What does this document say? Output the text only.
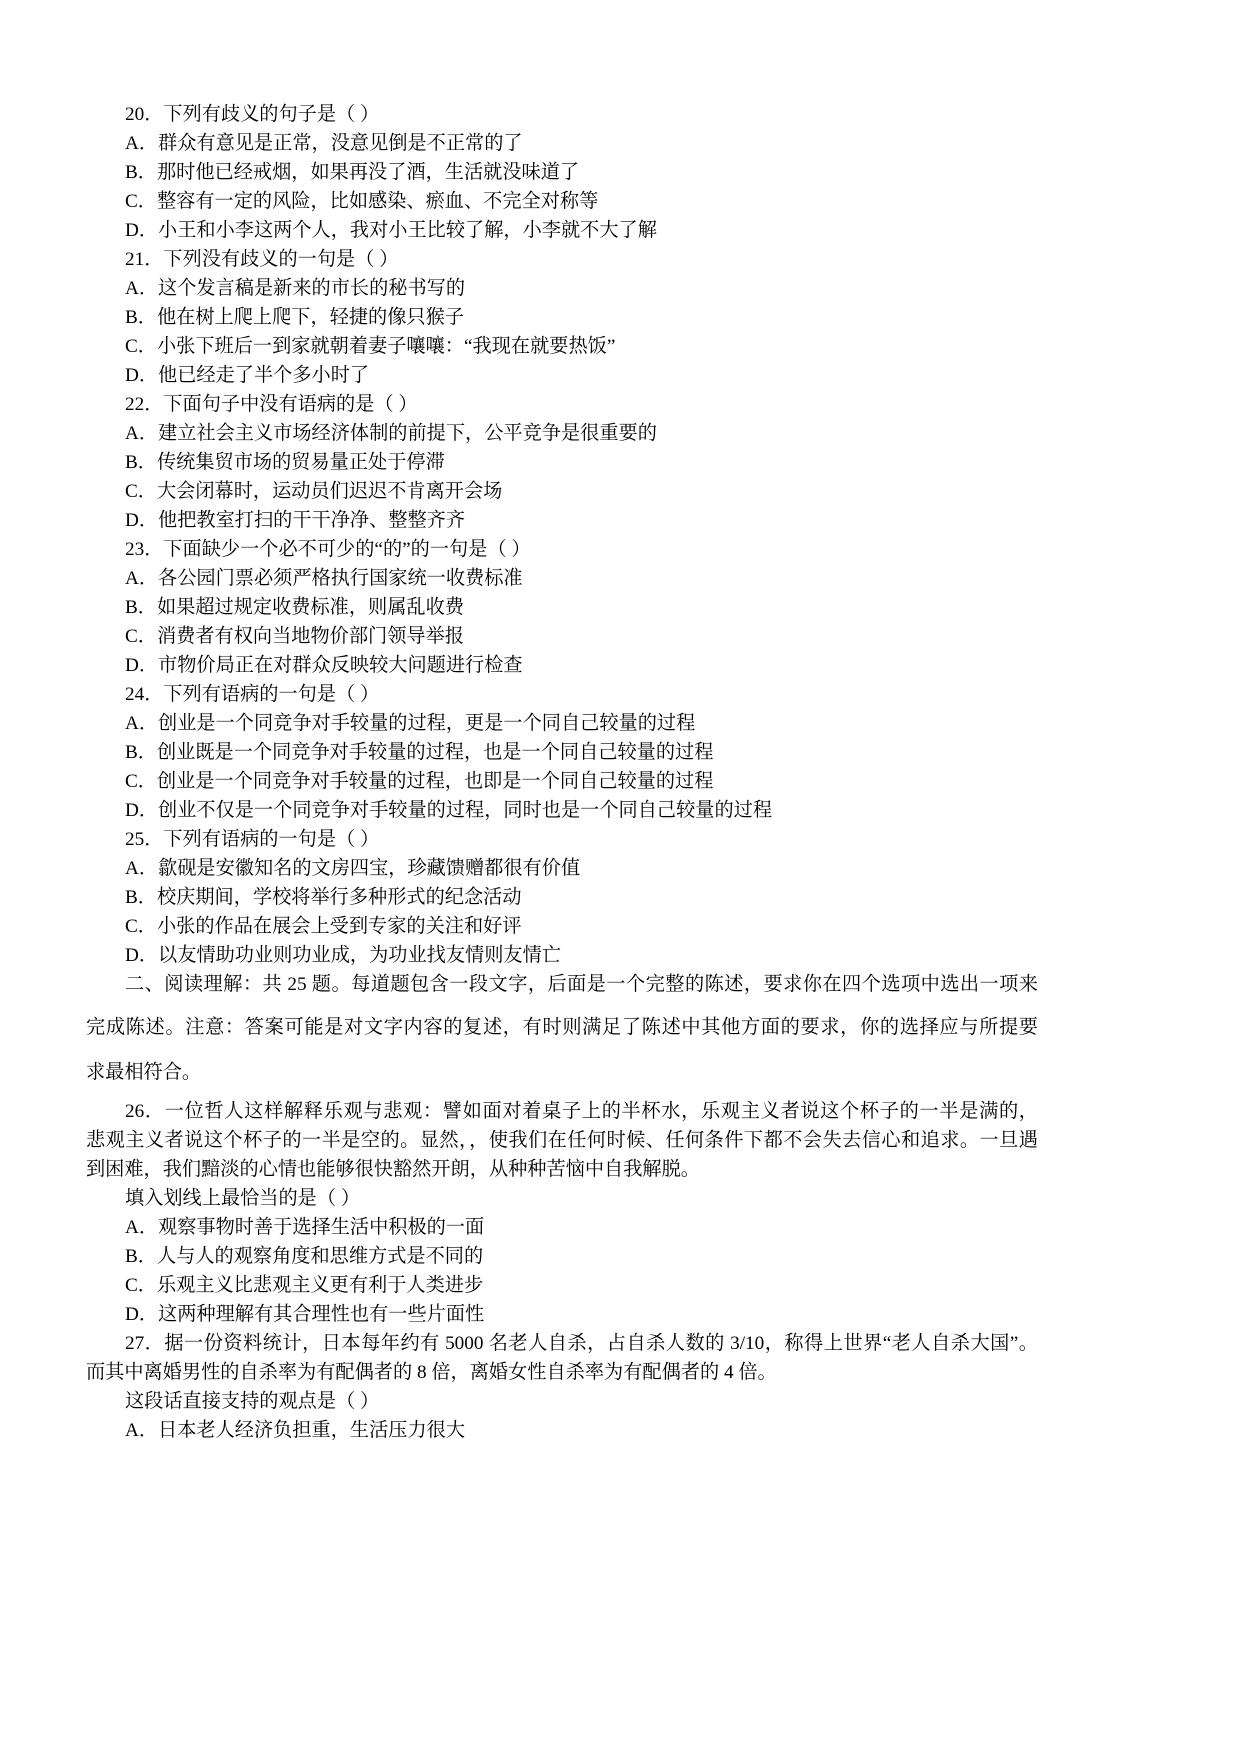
20．下列有歧义的句子是（ ）
A．群众有意见是正常，没意见倒是不正常的了
B．那时他已经戒烟，如果再没了酒，生活就没味道了
C．整容有一定的风险，比如感染、瘀血、不完全对称等
D．小王和小李这两个人，我对小王比较了解，小李就不大了解
21．下列没有歧义的一句是（ ）
A．这个发言稿是新来的市长的秘书写的
B．他在树上爬上爬下，轻捷的像只猴子
C．小张下班后一到家就朝着妻子嚷嚷：“我现在就要热饭”
D．他已经走了半个多小时了
22．下面句子中没有语病的是（ ）
A．建立社会主义市场经济体制的前提下，公平竞争是很重要的
B．传统集贸市场的贸易量正处于停滞
C．大会闭幕时，运动员们迟迟不肯离开会场
D．他把教室打扫的干干净净、整整齐齐
23．下面缺少一个必不可少的“的”的一句是（ ）
A．各公园门票必须严格执行国家统一收费标准
B．如果超过规定收费标准，则属乱收费
C．消费者有权向当地物价部门领导举报
D．市物价局正在对群众反映较大问题进行检查
24．下列有语病的一句是（ ）
A．创业是一个同竞争对手较量的过程，更是一个同自己较量的过程
B．创业既是一个同竞争对手较量的过程，也是一个同自己较量的过程
C．创业是一个同竞争对手较量的过程，也即是一个同自己较量的过程
D．创业不仅是一个同竞争对手较量的过程，同时也是一个同自己较量的过程
25．下列有语病的一句是（ ）
A．歙砚是安徽知名的文房四宝，珍藏馈赠都很有价值
B．校庆期间，学校将举行多种形式的纪念活动
C．小张的作品在展会上受到专家的关注和好评
D．以友情助功业则功业成，为功业找友情则友情亡
二、阅读理解：共 25 题。每道题包含一段文字，后面是一个完整的陈述，要求你在四个选项中选出一项来
完成陈述。注意：答案可能是对文字内容的复述，有时则满足了陈述中其他方面的要求，你的选择应与所提要
求最相符合。
26．一位哲人这样解释乐观与悲观：譬如面对着桌子上的半杯水，乐观主义者说这个杯子的一半是满的，
悲观主义者说这个杯子的一半是空的。显然，，使我们在任何时候、任何条件下都不会失去信心和追求。一旦遇
到困难，我们黯淡的心情也能够很快豁然开朗，从种种苦恼中自我解脱。
填入划线上最恰当的是（ ）
A．观察事物时善于选择生活中积极的一面
B．人与人的观察角度和思维方式是不同的
C．乐观主义比悲观主义更有利于人类进步
D．这两种理解有其合理性也有一些片面性
27．据一份资料统计，日本每年约有 5000 名老人自杀，占自杀人数的 3/10，称得上世界“老人自杀大国”。
而其中离婚男性的自杀率为有配偶者的 8 倍，离婚女性自杀率为有配偶者的 4 倍。
这段话直接支持的观点是（ ）
A．日本老人经济负担重，生活压力很大
